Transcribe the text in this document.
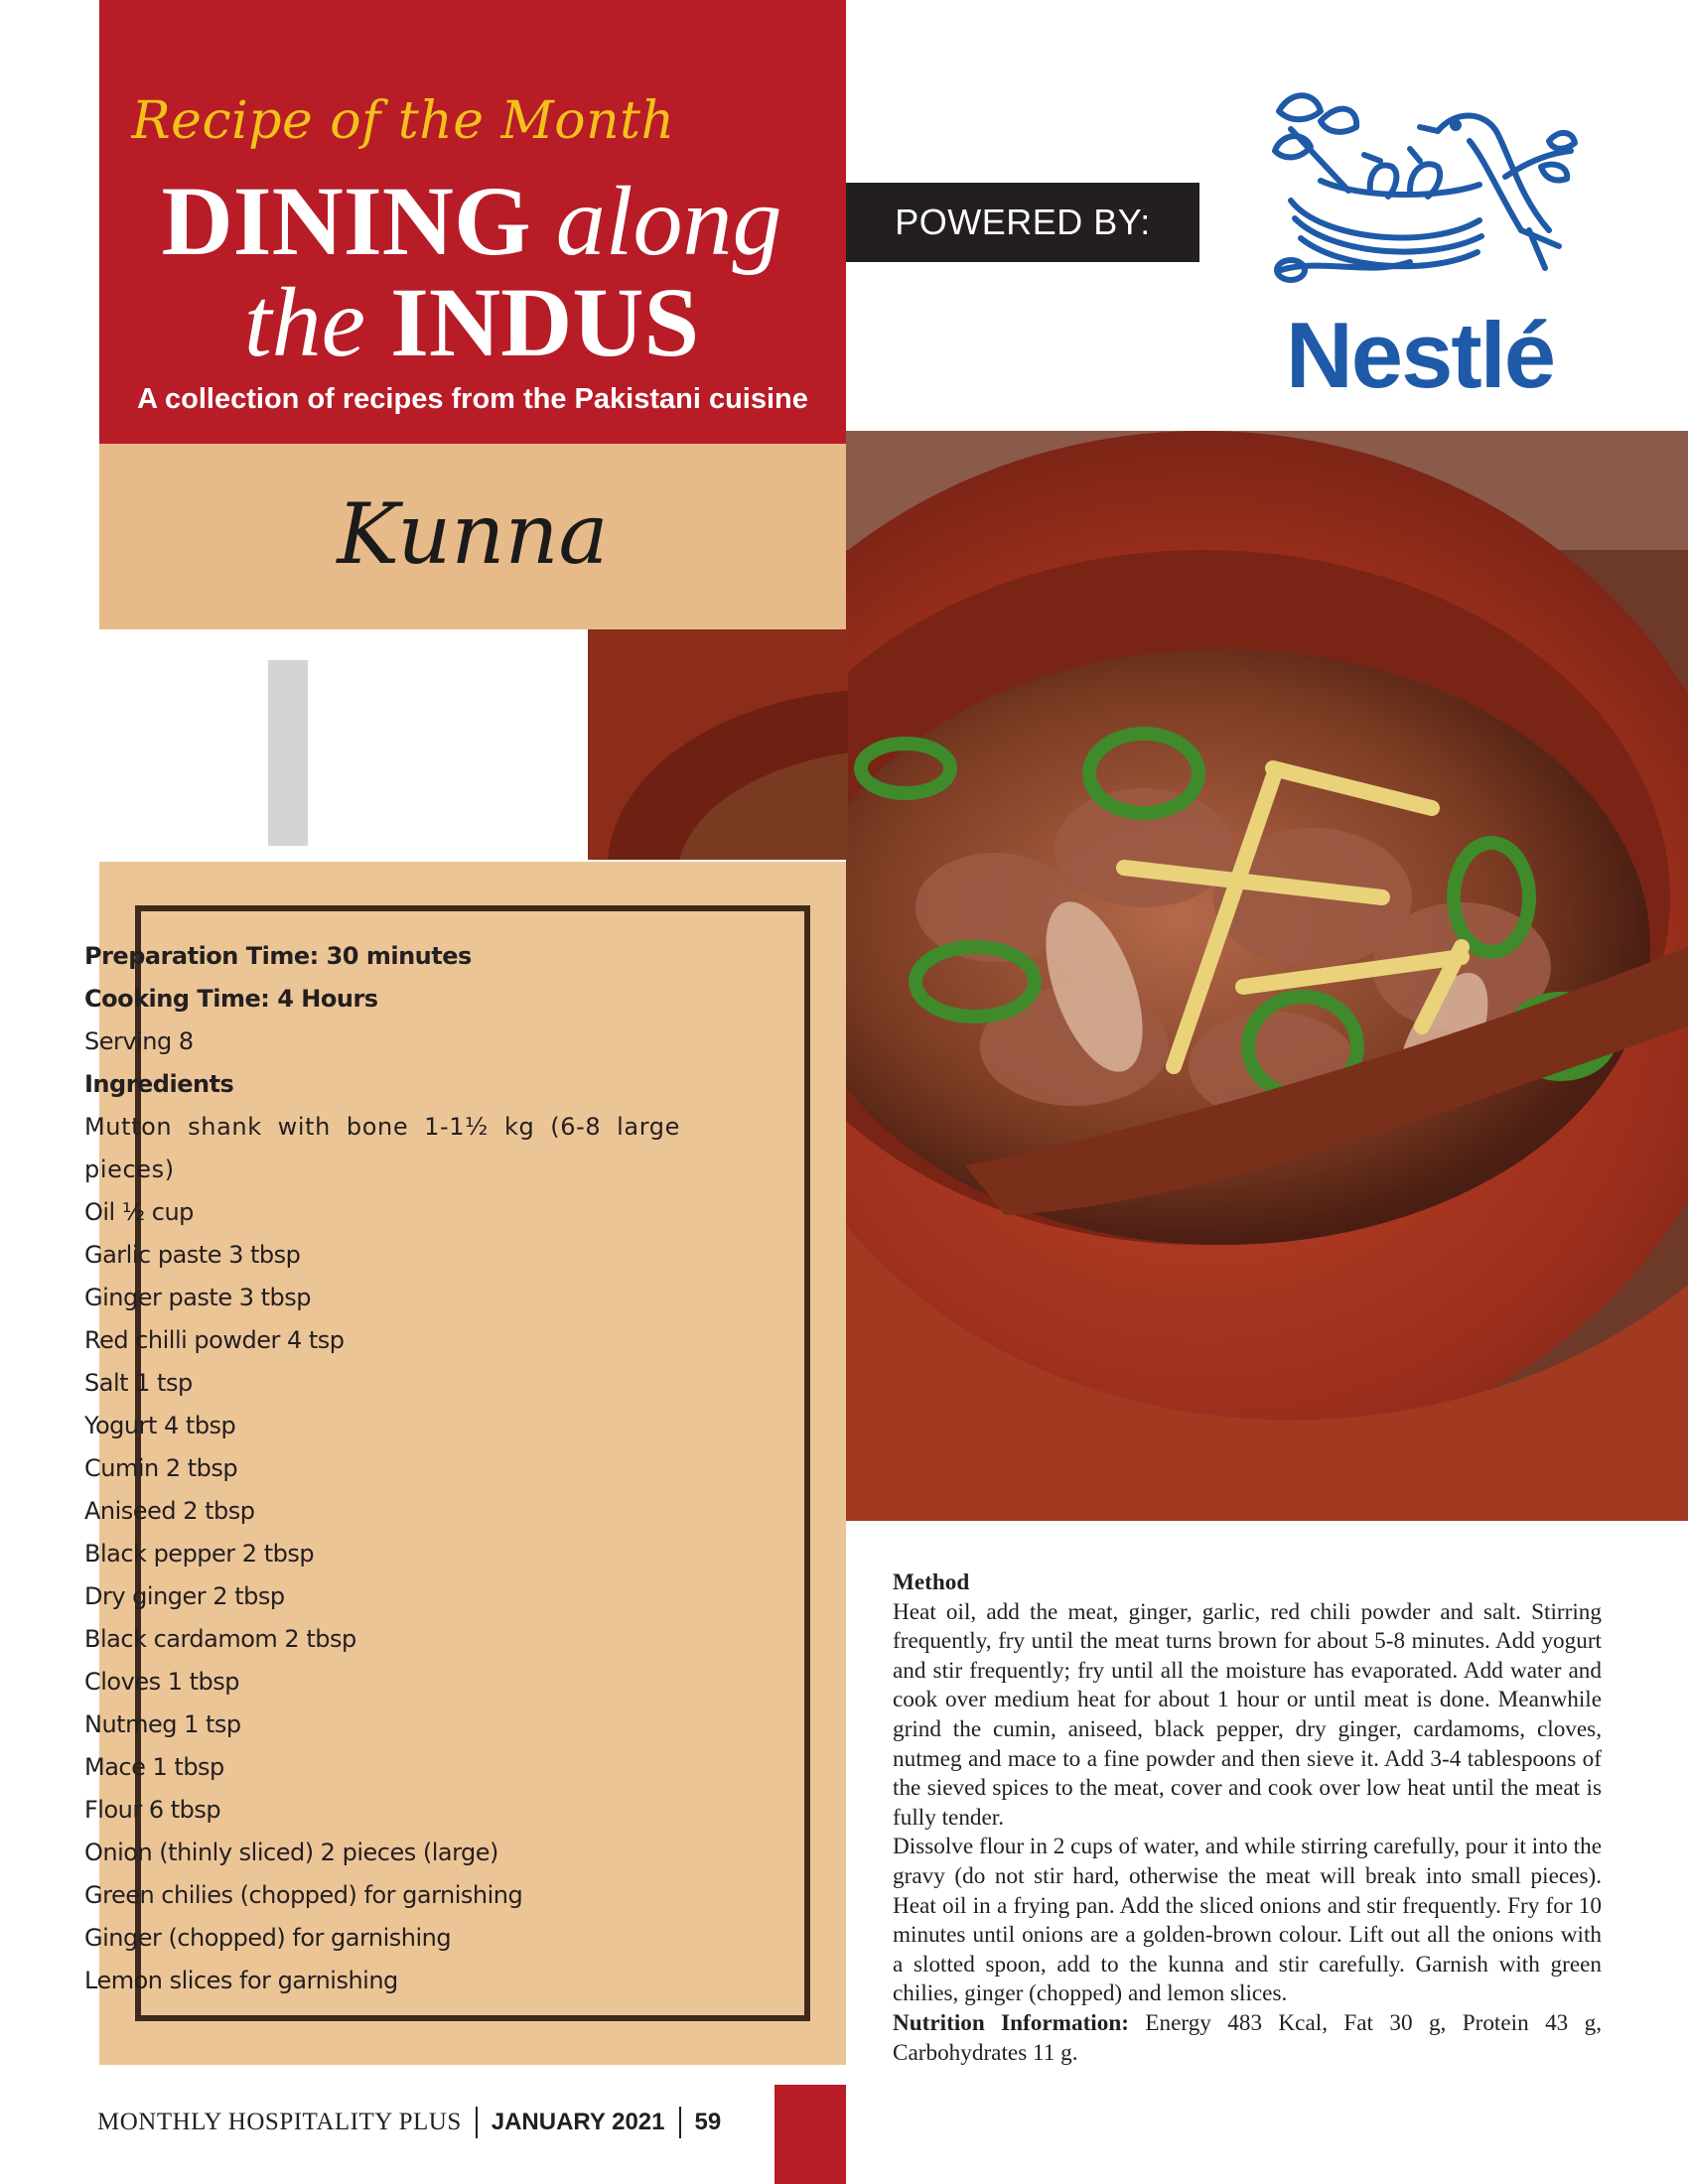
Recipe of the Month
DINING along
the INDUS
A collection of recipes from the Pakistani cuisine
Kunna
POWERED BY:
Nestlé
Preparation Time: 30 minutes
Cooking Time: 4 Hours
Serving 8
Ingredients
Mutton shank with bone 1-1½ kg (6-8 large pieces)
Oil ½ cup
Garlic paste 3 tbsp
Ginger paste 3 tbsp
Red chilli powder 4 tsp
Salt 1 tsp
Yogurt 4 tbsp
Cumin 2 tbsp
Aniseed 2 tbsp
Black pepper 2 tbsp
Dry ginger 2 tbsp
Black cardamom 2 tbsp
Cloves 1 tbsp
Nutmeg 1 tsp
Mace 1 tbsp
Flour 6 tbsp
Onion (thinly sliced) 2 pieces (large)
Green chilies (chopped) for garnishing
Ginger (chopped) for garnishing
Lemon slices for garnishing
Method
Heat oil, add the meat, ginger, garlic, red chili powder and salt. Stirring frequently, fry until the meat turns brown for about 5-8 minutes. Add yogurt and stir frequently; fry until all the moisture has evaporated. Add water and cook over medium heat for about 1 hour or until meat is done. Meanwhile grind the cumin, aniseed, black pepper, dry ginger, cardamoms, cloves, nutmeg and mace to a fine powder and then sieve it. Add 3-4 tablespoons of the sieved spices to the meat, cover and cook over low heat until the meat is fully tender.
Dissolve flour in 2 cups of water, and while stirring carefully, pour it into the gravy (do not stir hard, otherwise the meat will break into small pieces). Heat oil in a frying pan. Add the sliced onions and stir frequently. Fry for 10 minutes until onions are a golden-brown colour. Lift out all the onions with a slotted spoon, add to the kunna and stir carefully. Garnish with green chilies, ginger (chopped) and lemon slices.
Nutrition Information: Energy 483 Kcal, Fat 30 g, Protein 43 g, Carbohydrates 11 g.
MONTHLY HOSPITALITY PLUS JANUARY 2021 59
